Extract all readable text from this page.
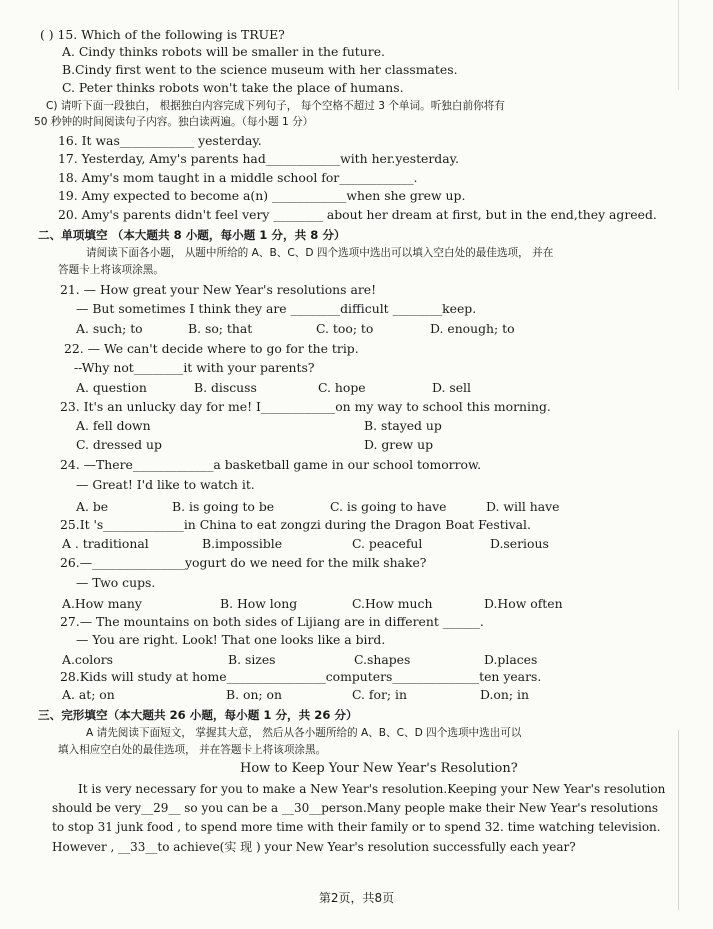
( ) 15. Which of the following is TRUE?
A. Cindy thinks robots will be smaller in the future.
B.Cindy first went to the science museum with her classmates.
C. Peter thinks robots won't take the place of humans.
C) 请听下面一段独白， 根据独白内容完成下列句子， 每个空格不超过 3 个单词。听独白前你将有
50 秒钟的时间阅读句子内容。独白读两遍。（每小题 1 分）
16. It was____________ yesterday.
17. Yesterday, Amy's parents had____________with her.yesterday.
18. Amy's mom taught in a middle school for____________.
19. Amy expected to become a(n) ____________when she grew up.
20. Amy's parents didn't feel very ________ about her dream at first, but in the end,they agreed.
二、单项填空 （本大题共 8 小题，每小题 1 分，共 8 分）
请阅读下面各小题， 从题中所给的 A、B、C、D 四个选项中选出可以填入空白处的最佳选项， 并在
答题卡上将该项涂黑。
21. — How great your New Year's resolutions are!
— But sometimes I think they are ________difficult ________keep.
A. such; to	B. so; that	C. too; to	D. enough; to
22. — We can't decide where to go for the trip.
--Why not________it with your parents?
A. question	B. discuss	C. hope	D. sell
23. It's an unlucky day for me! I____________on my way to school this morning.
A. fell down	B. stayed up
C. dressed up	D. grew up
24. —There_____________a basketball game in our school tomorrow.
— Great! I'd like to watch it.
A. be	B. is going to be	C. is going to have	D. will have
25.It 's_____________in China to eat zongzi during the Dragon Boat Festival.
A . traditional	B.impossible	C. peaceful	D.serious
26.—_______________yogurt do we need for the milk shake?
— Two cups.
A.How many	B. How long	C.How much	D.How often
27.— The mountains on both sides of Lijiang are in different ______.
— You are right. Look! That one looks like a bird.
A.colors	B. sizes	C.shapes	D.places
28.Kids will study at home________________computers______________ten years.
A. at; on	B. on; on	C. for; in	D.on; in
三、完形填空（本大题共 26 小题，每小题 1 分，共 26 分）
A 请先阅读下面短文， 掌握其大意， 然后从各小题所给的 A、B、C、D 四个选项中选出可以
填入相应空白处的最佳选项， 并在答题卡上将该项涂黑。
How to Keep Your New Year's Resolution?
It is very necessary for you to make a New Year's resolution.Keeping your New Year's resolution
should be very__29__ so you can be a __30__person.Many people make their New Year's resolutions
to stop 31 junk food , to spend more time with their family or to spend 32. time watching television.
However , __33__to achieve(实 现 ) your New Year's resolution successfully each year?
第2页，共8页
